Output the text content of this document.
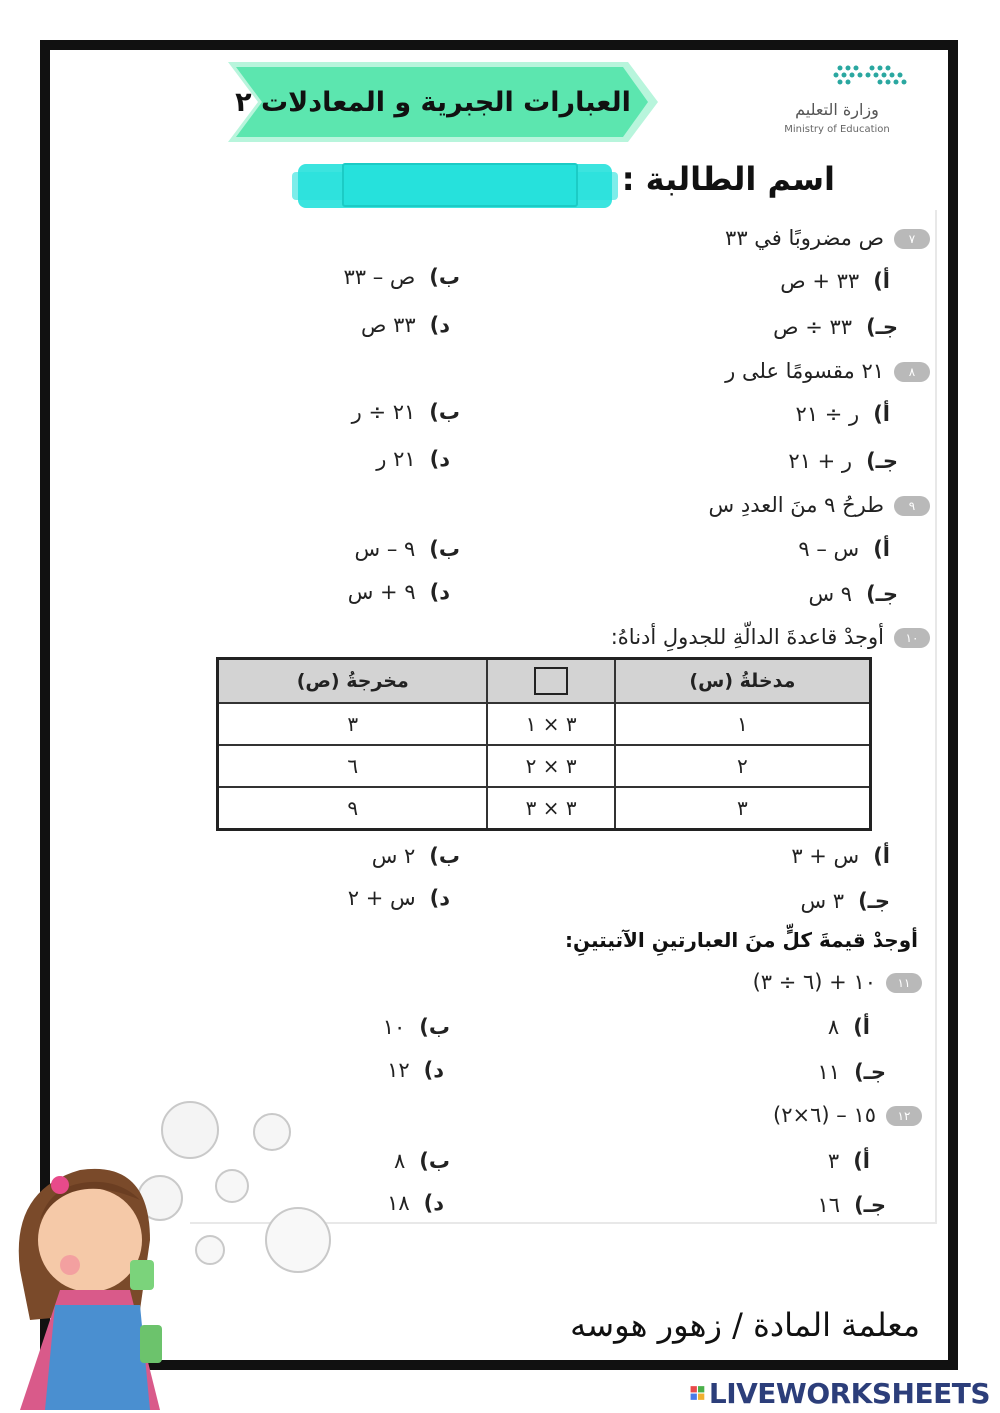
العبارات الجبرية و المعادلات ٢	وزارة التعليم
Ministry of Education
اسم الطالبة :
٧ص مضروبًا في ٣٣
أ)٣٣ + ص
ب)ص – ٣٣
جـ)٣٣ ÷ ص
د)٣٣ ص
٨٢١ مقسومًا على ر
أ)ر ÷ ٢١
ب)٢١ ÷ ر
جـ)ر + ٢١
د)٢١ ر
٩طرحُ ٩ منَ العددِ س
أ)س – ٩
ب)٩ – س
جـ)٩ س
د)٩ + س
١٠أوجدْ قاعدةَ الدالّةِ للجدولِ أدناهُ:
مدخلةُ (س)		مخرجةُ (ص)
١	٣ × ١	٣
٢	٣ × ٢	٦
٣	٣ × ٣	٩
أ)س + ٣
ب)٢ س
جـ)٣ س
د)س + ٢
أوجدْ قيمةَ كلٍّ منَ العبارتينِ الآتيتينِ:
١١١٠ + (٦ ÷ ٣)
أ)٨
ب)١٠
جـ)١١
د)١٢
١٢١٥ – (٦×٢)
أ)٣
ب)٨
جـ)١٦
د)١٨
معلمة المادة / زهور هوسه
LIVEWORKSHEETS
